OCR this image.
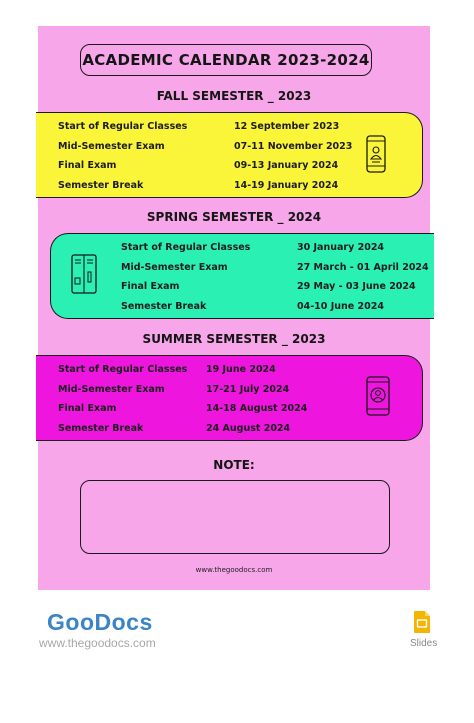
ACADEMIC CALENDAR 2023-2024
FALL SEMESTER _ 2023
Start of Regular Classes	12 September 2023
Mid-Semester Exam	07-11 November 2023
Final Exam	09-13 January 2024
Semester Break	14-19 January 2024
SPRING SEMESTER _ 2024
Start of Regular Classes	30 January 2024
Mid-Semester Exam	27 March - 01 April 2024
Final Exam	29 May - 03 June 2024
Semester Break	04-10 June 2024
SUMMER SEMESTER _ 2023
Start of Regular Classes 19 June 2024
Mid-Semester Exam	17-21 July 2024
Final Exam	14-18 August 2024
Semester Break	24 August 2024
NOTE:
www.thegoodocs.com
GooDocs
www.thegoodocs.com	Slides
